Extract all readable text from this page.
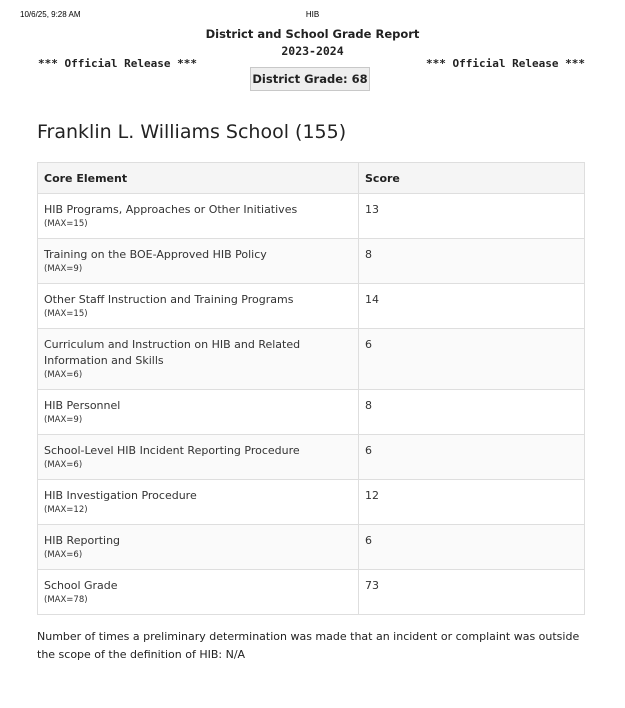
10/6/25, 9:28 AM	HIB
District and School Grade Report
2023-2024
*** Official Release ***	*** Official Release ***
District Grade: 68
Franklin L. Williams School (155)
Core Element	Score

HIB Programs, Approaches or Other Initiatives
(MAX=15)	13

Training on the BOE-Approved HIB Policy
(MAX=9)	8

Other Staff Instruction and Training Programs
(MAX=15)	14

Curriculum and Instruction on HIB and Related Information and Skills
(MAX=6)	6

HIB Personnel
(MAX=9)	8

School-Level HIB Incident Reporting Procedure
(MAX=6)	6

HIB Investigation Procedure
(MAX=12)	12

HIB Reporting
(MAX=6)	6

School Grade
(MAX=78)	73
Number of times a preliminary determination was made that an incident or complaint was outside the scope of the definition of HIB: N/A
